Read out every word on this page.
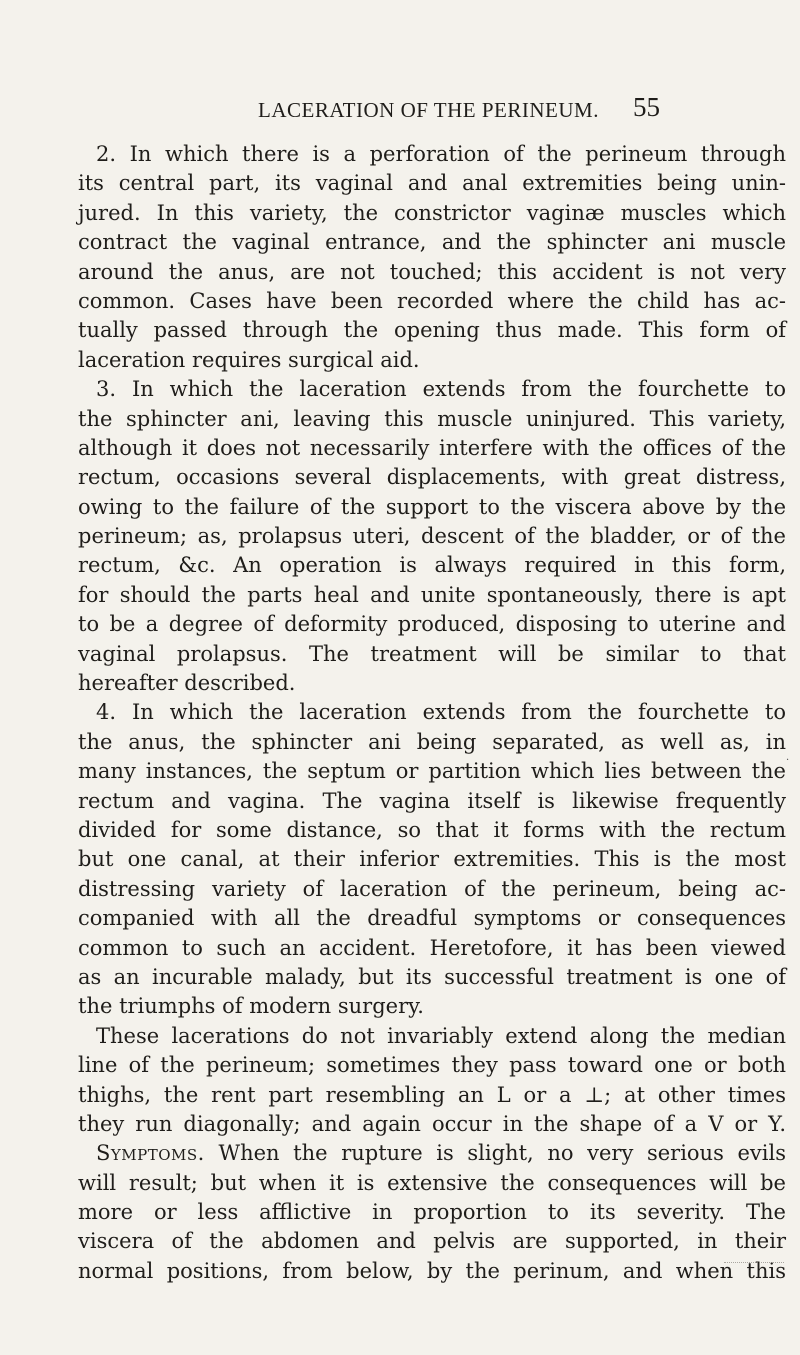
LACERATION OF THE PERINEUM. 55
2. In which there is a perforation of the perineum through
its central part, its vaginal and anal extremities being unin-
jured. In this variety, the constrictor vaginæ muscles which
contract the vaginal entrance, and the sphincter ani muscle
around the anus, are not touched; this accident is not very
common. Cases have been recorded where the child has ac-
tually passed through the opening thus made. This form of
laceration requires surgical aid.
3. In which the laceration extends from the fourchette to
the sphincter ani, leaving this muscle uninjured. This variety,
although it does not necessarily interfere with the offices of the
rectum, occasions several displacements, with great distress,
owing to the failure of the support to the viscera above by the
perineum; as, prolapsus uteri, descent of the bladder, or of the
rectum, &c. An operation is always required in this form,
for should the parts heal and unite spontaneously, there is apt
to be a degree of deformity produced, disposing to uterine and
vaginal prolapsus. The treatment will be similar to that
hereafter described.
4. In which the laceration extends from the fourchette to
the anus, the sphincter ani being separated, as well as, in
many instances, the septum or partition which lies between the
rectum and vagina. The vagina itself is likewise frequently
divided for some distance, so that it forms with the rectum
but one canal, at their inferior extremities. This is the most
distressing variety of laceration of the perineum, being ac-
companied with all the dreadful symptoms or consequences
common to such an accident. Heretofore, it has been viewed
as an incurable malady, but its successful treatment is one of
the triumphs of modern surgery.
These lacerations do not invariably extend along the median
line of the perineum; sometimes they pass toward one or both
thighs, the rent part resembling an L or a ⊥; at other times
they run diagonally; and again occur in the shape of a V or Y.
Symptoms. When the rupture is slight, no very serious evils
will result; but when it is extensive the consequences will be
more or less afflictive in proportion to its severity. The
viscera of the abdomen and pelvis are supported, in their
normal positions, from below, by the perinum, and when this
·
